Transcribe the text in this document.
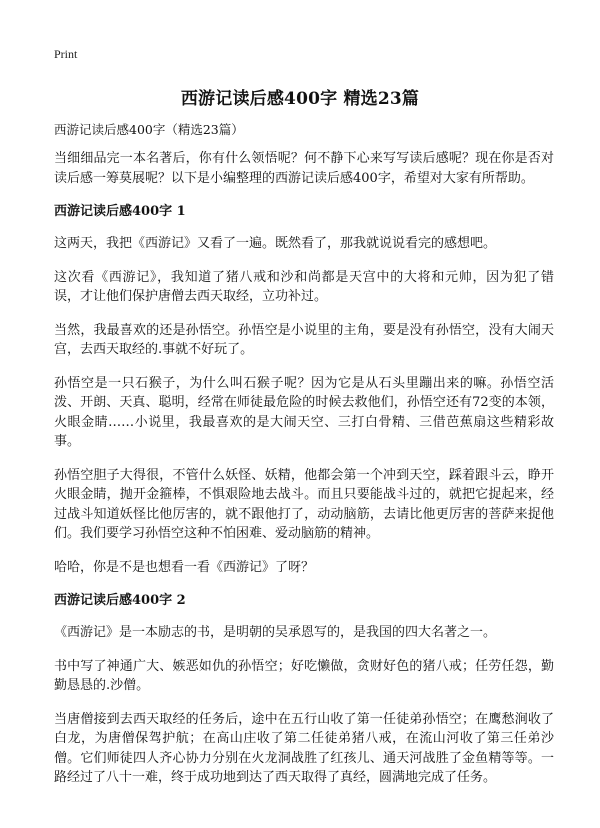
Print
西游记读后感400字 精选23篇
西游记读后感400字（精选23篇）

当细细品完一本名著后，你有什么领悟呢？何不静下心来写写读后感呢？现在你是否对读后感一筹莫展呢？以下是小编整理的西游记读后感400字，希望对大家有所帮助。

西游记读后感400字 1

这两天，我把《西游记》又看了一遍。既然看了，那我就说说看完的感想吧。

这次看《西游记》，我知道了猪八戒和沙和尚都是天宫中的大将和元帅，因为犯了错误，才让他们保护唐僧去西天取经，立功补过。

当然，我最喜欢的还是孙悟空。孙悟空是小说里的主角，要是没有孙悟空，没有大闹天宫，去西天取经的.事就不好玩了。

孙悟空是一只石猴子，为什么叫石猴子呢？因为它是从石头里蹦出来的嘛。孙悟空活泼、开朗、天真、聪明，经常在师徒最危险的时候去救他们，孙悟空还有72变的本领，火眼金睛……小说里，我最喜欢的是大闹天空、三打白骨精、三借芭蕉扇这些精彩故事。

孙悟空胆子大得很，不管什么妖怪、妖精，他都会第一个冲到天空，踩着跟斗云，睁开火眼金睛，抛开金箍棒，不惧艰险地去战斗。而且只要能战斗过的，就把它捉起来，经过战斗知道妖怪比他厉害的，就不跟他打了，动动脑筋，去请比他更厉害的菩萨来捉他们。我们要学习孙悟空这种不怕困难、爱动脑筋的精神。

哈哈，你是不是也想看一看《西游记》了呀？

西游记读后感400字 2

《西游记》是一本励志的书，是明朝的吴承恩写的，是我国的四大名著之一。

书中写了神通广大、嫉恶如仇的孙悟空；好吃懒做，贪财好色的猪八戒；任劳任怨，勤勤恳恳的.沙僧。

当唐僧接到去西天取经的任务后，途中在五行山收了第一任徒弟孙悟空；在鹰愁涧收了白龙，为唐僧保驾护航；在高山庄收了第二任徒弟猪八戒，在流山河收了第三任弟沙僧。它们师徒四人齐心协力分别在火龙洞战胜了红孩儿、通天河战胜了金鱼精等等。一路经过了八十一难，终于成功地到达了西天取得了真经，圆满地完成了任务。
